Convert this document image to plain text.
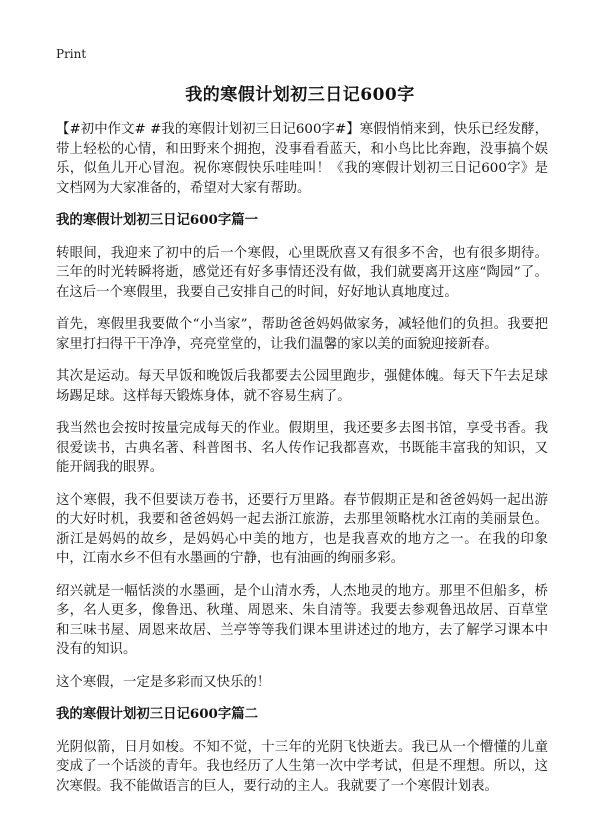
Print
我的寒假计划初三日记600字

【#初中作文# #我的寒假计划初三日记600字#】寒假悄悄来到，快乐已经发酵，带上轻松的心情，和田野来个拥抱，没事看看蓝天，和小鸟比比奔跑，没事搞个娱乐，似鱼儿开心冒泡。祝你寒假快乐哇哇叫！《我的寒假计划初三日记600字》是文档网为大家准备的，希望对大家有帮助。

我的寒假计划初三日记600字篇一

转眼间，我迎来了初中的后一个寒假，心里既欣喜又有很多不舍，也有很多期待。三年的时光转瞬将逝，感觉还有好多事情还没有做，我们就要离开这座“陶园”了。在这后一个寒假里，我要自己安排自己的时间，好好地认真地度过。

首先，寒假里我要做个“小当家”，帮助爸爸妈妈做家务，减轻他们的负担。我要把家里打扫得干干净净，亮亮堂堂的，让我们温馨的家以美的面貌迎接新春。

其次是运动。每天早饭和晚饭后我都要去公园里跑步，强健体魄。每天下午去足球场踢足球。这样每天锻炼身体，就不容易生病了。

我当然也会按时按量完成每天的作业。假期里，我还要多去图书馆，享受书香。我很爱读书，古典名著、科普图书、名人传作记我都喜欢，书既能丰富我的知识，又能开阔我的眼界。

这个寒假，我不但要读万卷书，还要行万里路。春节假期正是和爸爸妈妈一起出游的大好时机，我要和爸爸妈妈一起去浙江旅游，去那里领略枕水江南的美丽景色。浙江是妈妈的故乡，是妈妈心中美的地方，也是我喜欢的地方之一。在我的印象中，江南水乡不但有水墨画的宁静，也有油画的绚丽多彩。

绍兴就是一幅恬淡的水墨画，是个山清水秀，人杰地灵的地方。那里不但船多，桥多，名人更多，像鲁迅、秋瑾、周恩来、朱自清等。我要去参观鲁迅故居、百草堂和三味书屋、周恩来故居、兰亭等等我们课本里讲述过的地方，去了解学习课本中没有的知识。

这个寒假，一定是多彩而又快乐的！

我的寒假计划初三日记600字篇二

光阴似箭，日月如梭。不知不觉，十三年的光阴飞快逝去。我已从一个懵懂的儿童变成了一个话淡的青年。我也经历了人生第一次中学考试，但是不理想。所以，这次寒假。我不能做语言的巨人，要行动的主人。我就要了一个寒假计划表。
